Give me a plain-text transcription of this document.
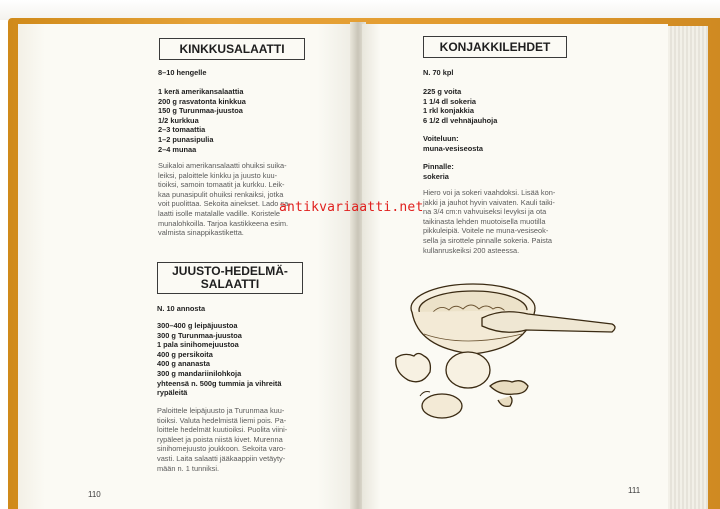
KINKKUSALAATTI
8–10 hengelle
1 kerä amerikansalaattia
200 g rasvatonta kinkkua
150 g Turunmaa-juustoa
1/2 kurkkua
2–3 tomaattia
1–2 punasipulia
2–4 munaa
Suikaloi amerikansalaatti ohuiksi suika-
leiksi, paloittele kinkku ja juusto kuu-
tioiksi, samoin tomaatit ja kurkku. Leik-
kaa punasipulit ohuiksi renkaiksi, jotka
voit puolittaa. Sekoita ainekset. Lado sa-
laatti isolle matalalle vadille. Koristele
munalohkoilla. Tarjoa kastikkeena esim.
valmista sinappikastiketta.
JUUSTO-HEDELMÄ-
SALAATTI
N. 10 annosta
300–400 g leipäjuustoa
300 g Turunmaa-juustoa
1 pala sinihomejuustoa
400 g persikoita
400 g ananasta
300 g mandariinilohkoja
yhteensä n. 500g tummia ja vihreitä
rypäleitä
Paloittele leipäjuusto ja Turunmaa kuu-
tioiksi. Valuta hedelmistä liemi pois. Pa-
loittele hedelmät kuutioiksi. Puolita viini-
rypäleet ja poista niistä kivet. Murenna
sinihomejuusto joukkoon. Sekoita varo-
vasti. Laita salaatti jääkaappiin vetäyty-
mään n. 1 tunniksi.
110
KONJAKKILEHDET
N. 70 kpl
225 g voita
1 1/4 dl sokeria
1 rkl konjakkia
6 1/2 dl vehnäjauhoja
Voiteluun:
muna-vesiseosta
Pinnalle:
sokeria
Hiero voi ja sokeri vaahdoksi. Lisää kon-
jakki ja jauhot hyvin vaivaten. Kauli taiki-
na 3/4 cm:n vahvuiseksi levyksi ja ota
taikinasta lehden muotoisella muotilla
pikkuleipiä. Voitele ne muna-vesiseok-
sella ja sirottele pinnalle sokeria. Paista
kullanruskeiksi 200 asteessa.
111
antikvariaatti.net
